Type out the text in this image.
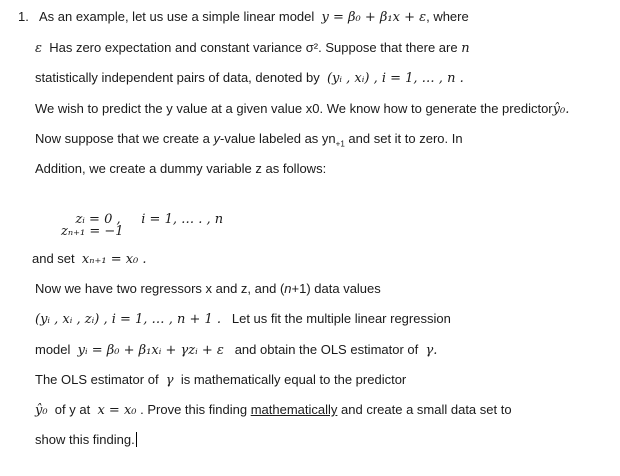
1. As an example, let us use a simple linear model y = β₀ + β₁x + ε, where
ε Has zero expectation and constant variance σ². Suppose that there are n
statistically independent pairs of data, denoted by (yᵢ , xᵢ) , i = 1, … , n .
We wish to predict the y value at a given value x0. We know how to generate the predictorŷ₀.
Now suppose that we create a y-value labeled as $yn_{+1}$ and set it to zero. In
Addition, we create a dummy variable z as follows:

zᵢ = 0 ,     i = 1, … . , n

zₙ₊₁ = −1
and set xₙ₊₁ = x₀ .
Now we have two regressors x and z, and (n+1) data values
(yᵢ , xᵢ , zᵢ) , i = 1, … , n + 1 . Let us fit the multiple linear regression
model yᵢ = β₀ + β₁xᵢ + γzᵢ + ε and obtain the OLS estimator of γ.
The OLS estimator of γ is mathematically equal to the predictor
ŷ₀ of y at x = x₀ . Prove this finding mathematically and create a small data set to
show this finding.
